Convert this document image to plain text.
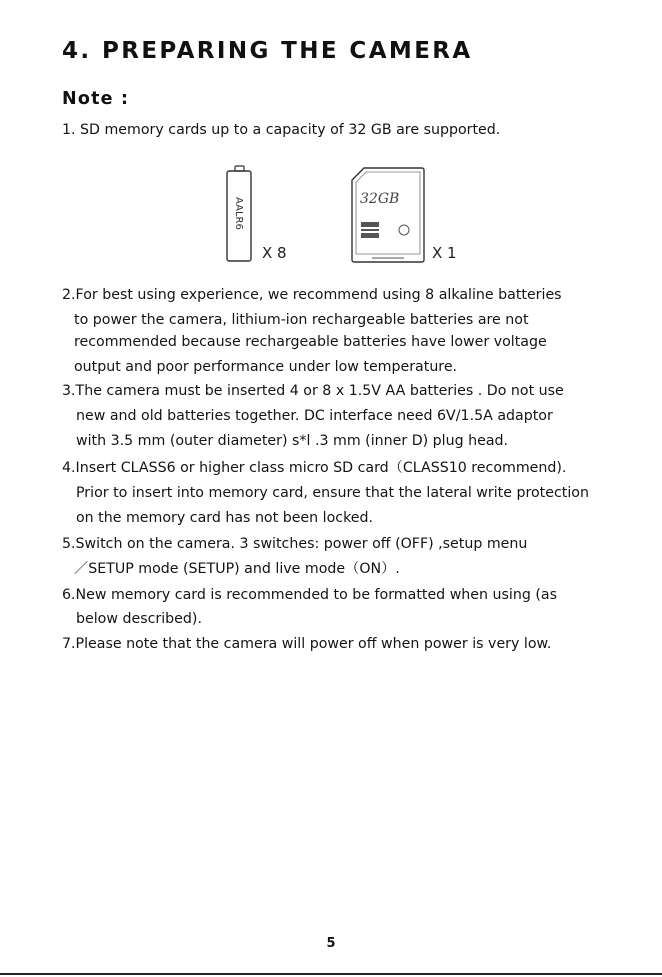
4. PREPARING THE CAMERA
Note :
1. SD memory cards up to a capacity of 32 GB are supported.
AALR6
X 8
32GB
X 1
2.For best using experience, we recommend using 8 alkaline batteries
to power the camera, lithium-ion rechargeable batteries are not
recommended because rechargeable batteries have lower voltage
output and poor performance under low temperature.
3.The camera must be inserted 4 or 8 x 1.5V AA batteries . Do not use
new and old batteries together. DC interface need 6V/1.5A adaptor
with 3.5 mm (outer diameter) s*l .3 mm (inner D) plug head.
4.Insert CLASS6 or higher class micro SD card（CLASS10 recommend).
Prior to insert into memory card, ensure that the lateral write protection
on the memory card has not been locked.
5.Switch on the camera. 3 switches: power off (OFF) ,setup menu
／SETUP mode (SETUP) and live mode（ON）.
6.New memory card is recommended to be formatted when using (as
below described).
7.Please note that the camera will power off when power is very low.
5
